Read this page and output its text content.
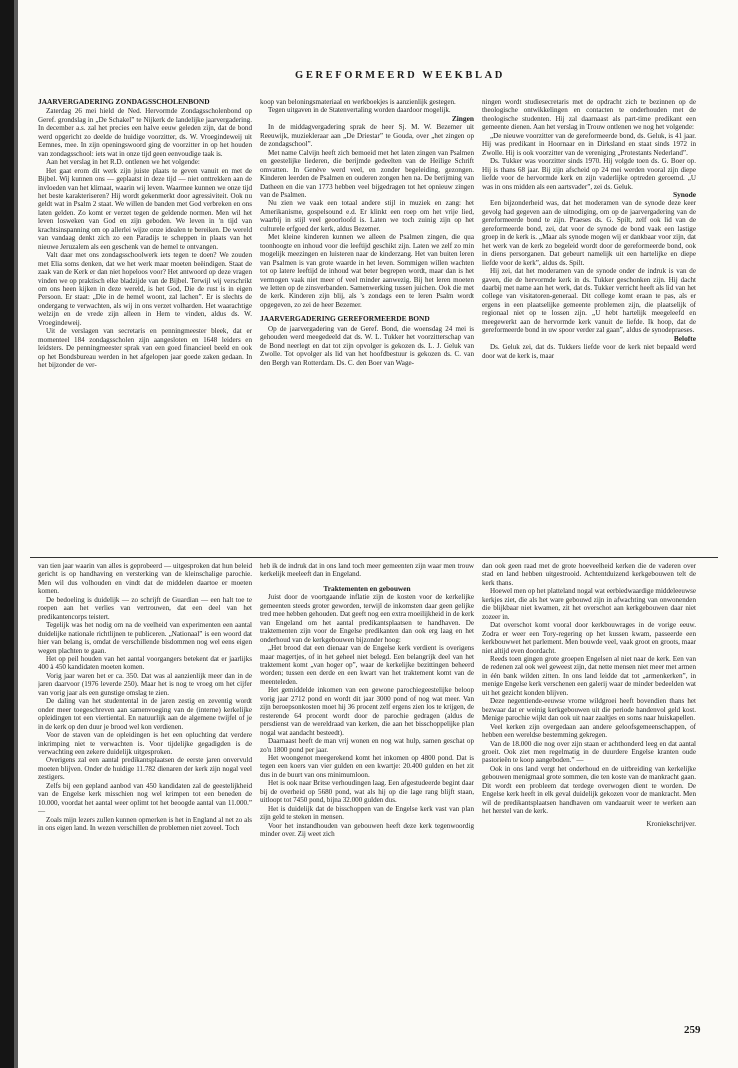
GEREFORMEERD WEEKBLAD

JAARVERGADERING ZONDAGSSCHOLENBOND

Zaterdag 26 mei hield de Ned. Hervormde Zondagsscholenbond op Geref. grondslag in „De Schakel” te Nijkerk de landelijke jaarvergadering. In december a.s. zal het precies een halve eeuw geleden zijn, dat de bond werd opgericht zo deelde de huidige voorzitter, ds. W. Vroegindeweij uit Eemnes, mee. In zijn openingswoord ging de voorzitter in op het houden van zondagsschool: iets wat in onze tijd geen eenvoudige taak is.

Aan het verslag in het R.D. ontlenen we het volgende:

Het gaat erom dit werk zijn juiste plaats te geven vanuit en met de Bijbel. Wij kunnen ons — geplaatst in deze tijd — niet onttrekken aan de invloeden van het klimaat, waarin wij leven. Waarmee kunnen we onze tijd het beste karakteriseren? Hij wordt gekenmerkt door agressiviteit. Ook nu geldt wat in Psalm 2 staat. We willen de banden met God verbreken en ons laten gelden. Zo komt er verzet tegen de geldende normen. Men wil het leven losweken van God en zijn geboden. We leven in 'n tijd van krachtsinspanning om op allerlei wijze onze idealen te bereiken. De wereld van vandaag denkt zich zo een Paradijs te scheppen in plaats van het nieuwe Jeruzalem als een geschenk van de hemel te ontvangen.

Valt daar met ons zondagsschoolwerk iets tegen te doen? We zouden met Elia soms denken, dat we het werk maar moeten beëindigen. Staat de zaak van de Kerk er dan niet hopeloos voor? Het antwoord op deze vragen vinden we op praktisch elke bladzijde van de Bijbel. Terwijl wij verschrikt om ons heen kijken in deze wereld, is het God, Die de rust is in eigen Persoon. Er staat: „Die in de hemel woont, zal lachen”. Er is slechts de ondergang te verwachten, als wij in ons verzet volharden. Het waarachtige welzijn en de vrede zijn alleen in Hem te vinden, aldus ds. W. Vroegindeweij.

Uit de verslagen van secretaris en penningmeester bleek, dat er momenteel 184 zondagsscholen zijn aangesloten en 1648 leiders en leidsters. De penningmeester sprak van een goed financieel beeld en ook op het Bondsbureau werden in het afgelopen jaar goede zaken gedaan. In het bijzonder de ver-

koop van beloningsmateriaal en werkboekjes is aanzienlijk gestegen.

Tegen uitgaven in de Statenvertaling worden daardoor mogelijk.

Zingen

In de middagvergadering sprak de heer Sj. M. W. Bezemer uit Reeuwijk, muziekleraar aan „De Driestar” te Gouda, over „het zingen op de zondagschool”.

Met name Calvijn heeft zich bemoeid met het laten zingen van Psalmen en geestelijke liederen, die berijmde gedeelten van de Heilige Schrift omvatten. In Genève werd veel, en zonder begeleiding, gezongen. Kinderen leerden de Psalmen en ouderen zongen hen na. De berijming van Datheen en die van 1773 hebben veel bijgedragen tot het opnieuw zingen van de Psalmen.

Nu zien we vaak een totaal andere stijl in muziek en zang: het Amerikanisme, gospelsound e.d. Er klinkt een roep om het vrije lied, waarbij in stijl veel geoorloofd is. Laten we toch zuinig zijn op het culturele erfgoed der kerk, aldus Bezemer.

Met kleine kinderen kunnen we alleen de Psalmen zingen, die qua toonhoogte en inhoud voor die leeftijd geschikt zijn. Laten we zelf zo min mogelijk meezingen en luisteren naar de kinderzang. Het van buiten leren van Psalmen is van grote waarde in het leven. Sommigen willen wachten tot op latere leeftijd de inhoud wat beter begrepen wordt, maar dan is het vermogen vaak niet meer of veel minder aanwezig. Bij het leren moeten we letten op de zinsverbanden. Samenwerking tussen juichen. Ook die met de kerk. Kinderen zijn blij, als 's zondags een te leren Psalm wordt opgegeven, zo zei de heer Bezemer.

JAARVERGADERING GEREFORMEERDE BOND

Op de jaarvergadering van de Geref. Bond, die woensdag 24 mei is gehouden werd meegedeeld dat ds. W. L. Tukker het voorzitterschap van de Bond neerlegt en dat tot zijn opvolger is gekozen ds. L. J. Geluk van Zwolle. Tot opvolger als lid van het hoofdbestuur is gekozen ds. C. van den Bergh van Rotterdam. Ds. C. den Boer van Wage-

ningen wordt studiesecretaris met de opdracht zich te bezinnen op de theologische ontwikkelingen en contacten te onderhouden met de theologische studenten. Hij zal daarnaast als part-time predikant een gemeente dienen. Aan het verslag in Trouw ontlenen we nog het volgende:

„De nieuwe voorzitter van de gereformeerde bond, ds. Geluk, is 41 jaar. Hij was predikant in Hoornaar en in Dirksland en staat sinds 1972 in Zwolle. Hij is ook voorzitter van de vereniging „Protestants Nederland”.

Ds. Tukker was voorzitter sinds 1970. Hij volgde toen ds. G. Boer op. Hij is thans 68 jaar. Bij zijn afscheid op 24 mei werden vooral zijn diepe liefde voor de hervormde kerk en zijn vaderlijke optreden geroemd. „U was in ons midden als een aartsvader”, zei ds. Geluk.

Synode

Een bijzonderheid was, dat het moderamen van de synode deze keer gevolg had gegeven aan de uitnodiging, om op de jaarvergadering van de gereformeerde bond te zijn. Praeses ds. G. Spilt, zelf ook lid van de gereformeerde bond, zei, dat voor de synode de bond vaak een lastige groep in de kerk is. „Maar als synode mogen wij er dankbaar voor zijn, dat het werk van de kerk zo begeleid wordt door de gereformeerde bond, ook in diens persorganen. Dat gebeurt namelijk uit een hartelijke en diepe liefde voor de kerk”, aldus ds. Spilt.

Hij zei, dat het moderamen van de synode onder de indruk is van de gaven, die de hervormde kerk in ds. Tukker geschonken zijn. Hij dacht daarbij met name aan het werk, dat ds. Tukker verricht heeft als lid van het college van visitatoren-generaal. Dit college komt eraan te pas, als er ergens in een plaatselijke gemeente problemen zijn, die plaatselijk of regionaal niet op te lossen zijn. „U hebt hartelijk meegeleefd en meegewerkt aan de hervormde kerk vanuit de liefde. Ik hoop, dat de gereformeerde bond in uw spoor verder zal gaan”, aldus de synodepraeses.

Belofte

Ds. Geluk zei, dat ds. Tukkers liefde voor de kerk niet bepaald werd door wat de kerk is, maar

van tien jaar waarin van alles is geprobeerd — uitgesproken dat hun beleid gericht is op handhaving en versterking van de kleinschalige parochie. Men wil dus volhouden en vindt dat de middelen daartoe er moeten komen.

De bedoeling is duidelijk — zo schrijft de Guardian — een halt toe te roepen aan het verlies van vertrouwen, dat een deel van het predikantencorps teistert.

Tegelijk was het nodig om na de veelheid van experimenten een aantal duidelijke nationale richtlijnen te publiceren. „Nationaal” is een woord dat hier van belang is, omdat de verschillende bisdommen nog wel eens eigen wegen plachten te gaan.

Het op peil houden van het aantal voorgangers betekent dat er jaarlijks 400 à 450 kandidaten moeten komen.

Vorig jaar waren het er ca. 350. Dat was al aanzienlijk meer dan in de jaren daarvoor (1976 leverde 250). Maar het is nog te vroeg om het cijfer van vorig jaar als een gunstige omslag te zien.

De daling van het studentental in de jaren zestig en zeventig wordt onder meer toegeschreven aan samenvoeging van de (interne) kerkelijke opleidingen tot een viertiental. En natuurlijk aan de algemene twijfel of je in de kerk op den duur je brood wel kon verdienen.

Voor de staven van de opleidingen is het een opluchting dat verdere inkrimping niet te verwachten is. Voor tijdelijke gegadigden is de verwachting een zekere duidelijk uitgesproken.

Overigens zal een aantal predikantsplaatsen de eerste jaren onvervuld moeten blijven. Onder de huidige 11.782 dienaren der kerk zijn nogal veel zestigers.

Zelfs bij een gepland aanbod van 450 kandidaten zal de geestelijkheid van de Engelse kerk misschien nog wel krimpen tot een beneden de 10.000, voordat het aantal weer oplimt tot het beoogde aantal van 11.000.” —

Zoals mijn lezers zullen kunnen opmerken is het in England al net zo als in ons eigen land. In wezen verschillen de problemen niet zoveel. Toch

heb ik de indruk dat in ons land toch meer gemeenten zijn waar men trouw kerkelijk meeleeft dan in Engeland.

Traktementen en gebouwen

Juist door de voortgaande inflatie zijn de kosten voor de kerkelijke gemeenten steeds groter geworden, terwijl de inkomsten daar geen gelijke tred mee hebben gehouden. Dat geeft nog een extra moeilijkheid in de kerk van Engeland om het aantal predikantsplaatsen te handhaven. De traktementen zijn voor de Engelse predikanten dan ook erg laag en het onderhoud van de kerkgebouwen bijzonder hoog:

„Het brood dat een dienaar van de Engelse kerk verdient is overigens maar magertjes, of in het geheel niet belegd. Een belangrijk deel van het traktement komt „van hoger op”, waar de kerkelijke bezittingen beheerd worden; tussen een derde en een kwart van het traktement komt van de meenteleden.

Het gemiddelde inkomen van een gewone parochiegeestelijke beloop vorig jaar 2712 pond en wordt dit jaar 3000 pond of nog wat meer. Van zijn beroepsonkosten moet hij 36 procent zelf ergens zien los te krijgen, de resterende 64 procent wordt door de parochie gedragen (aldus de persdienst van de wereldraad van kerken, die aan het bisschoppelijke plan nogal wat aandacht besteedt).

Daarnaast heeft de man vrij wonen en nog wat hulp, samen geschat op zo'n 1800 pond per jaar.

Het woongenot meegerekend komt het inkomen op 4800 pond. Dat is tegen een koers van vier gulden en een kwartje: 20.400 gulden en het zit dus in de buurt van ons minimumloon.

Het is ook naar Britse verhoudingen laag. Een afgestudeerde begint daar bij de overheid op 5680 pond, wat als hij op die lage rang blijft staan, uitloopt tot 7450 pond, bijna 32.000 gulden dus.

Het is duidelijk dat de bisschoppen van de Engelse kerk vast van plan zijn geld te steken in mensen.

Voor het instandhouden van gebouwen heeft deze kerk tegenwoordig minder over. Zij weet zich

dan ook geen raad met de grote hoeveelheid kerken die de vaderen over stad en land hebben uitgestrooid. Achtentduizend kerkgebouwen telt de kerk thans.

Hoewel men op het platteland nogal wat eerbiedwaardige middeleeuwse kerkjes ziet, die als het ware gebouwd zijn in afwachting van onwonenden die blijkbaar niet kwamen, zit het overschot aan kerkgebouwen daar niet zozeer in.

Dat overschot komt vooral door kerkbouwrages in de vorige eeuw. Zodra er weer een Tory-regering op het kussen kwam, passeerde een kerkbouwwet het parlement. Men bouwde veel, vaak groot en groots, maar niet altijd even doordacht.

Reeds toen gingen grote groepen Engelsen al niet naar de kerk. Een van de redenen zal ook wel geweest zijn, dat nette mensen niet meer met armen in één bank wilden zitten. In ons land leidde dat tot „armenkerken”, in menige Engelse kerk verschenen een galerij waar de minder bedeelden wat uit het gezicht konden blijven.

Deze negentiende-eeuwse vrome wildgroei heeft bovendien thans het bezwaar dat er weinig kerkgebouwen uit die periode handenvol geld kost. Menige parochie wijkt dan ook uit naar zaaltjes en soms naar huiskapellen.

Veel kerken zijn overgedaan aan andere geloofsgemeenschappen, of hebben een wereldse bestemming gekregen.

Van de 18.000 die nog over zijn staan er achthonderd leeg en dat aantal groeit. Ook ziet men regelmatig in de duurdere Engelse kranten oude pastorieën te koop aangeboden.” —

Ook in ons land vergt het onderhoud en de uitbreiding van kerkelijke gebouwen menigmaal grote sommen, die ten koste van de mankracht gaan. Dit wordt een probleem dat terdege overwogen dient te worden. De Engelse kerk heeft in elk geval duidelijk gekozen voor de mankracht. Men wil de predikantsplaatsen handhaven om vandaaruit weer te werken aan het herstel van de kerk.

Kroniekschrijver.

259
